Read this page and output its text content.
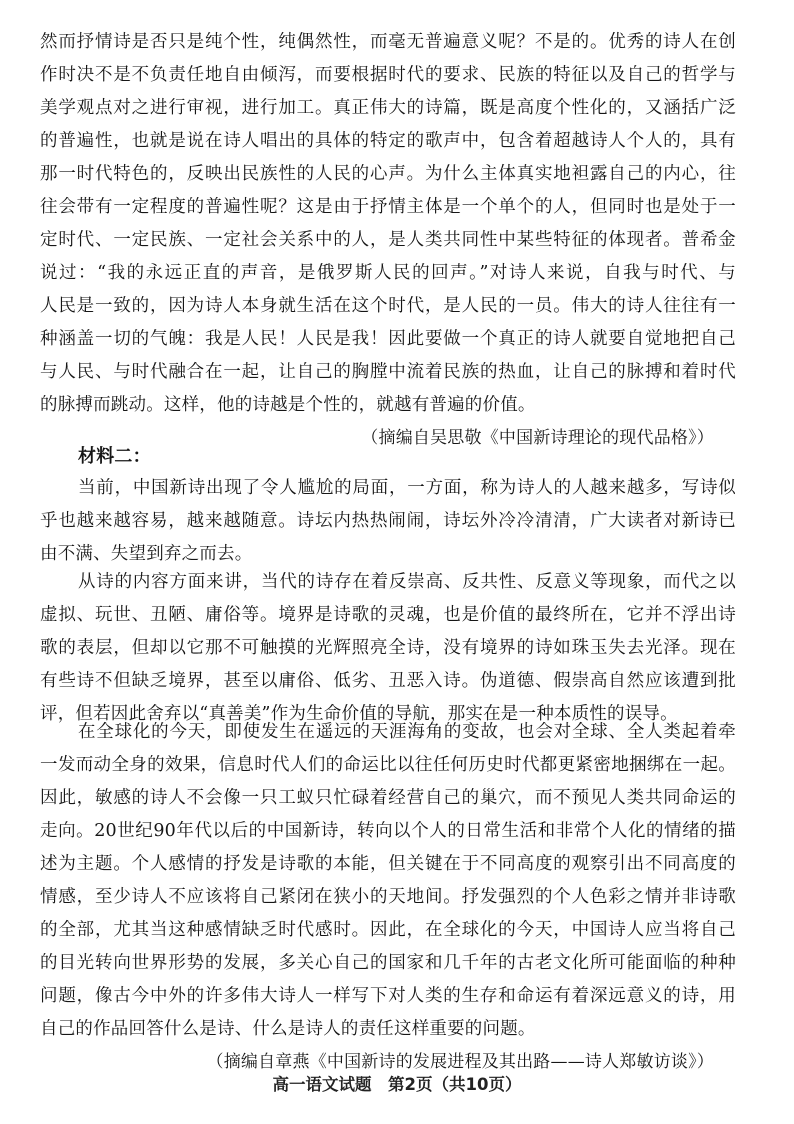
然而抒情诗是否只是纯个性，纯偶然性，而毫无普遍意义呢？不是的。优秀的诗人在创
作时决不是不负责任地自由倾泻，而要根据时代的要求、民族的特征以及自己的哲学与
美学观点对之进行审视，进行加工。真正伟大的诗篇，既是高度个性化的，又涵括广泛
的普遍性，也就是说在诗人唱出的具体的特定的歌声中，包含着超越诗人个人的，具有
那一时代特色的，反映出民族性的人民的心声。为什么主体真实地袒露自己的内心，往
往会带有一定程度的普遍性呢？这是由于抒情主体是一个单个的人，但同时也是处于一
定时代、一定民族、一定社会关系中的人，是人类共同性中某些特征的体现者。普希金
说过：“我的永远正直的声音，是俄罗斯人民的回声。”对诗人来说，自我与时代、与
人民是一致的，因为诗人本身就生活在这个时代，是人民的一员。伟大的诗人往往有一
种涵盖一切的气魄：我是人民！人民是我！因此要做一个真正的诗人就要自觉地把自己
与人民、与时代融合在一起，让自己的胸膛中流着民族的热血，让自己的脉搏和着时代
的脉搏而跳动。这样，他的诗越是个性的，就越有普遍的价值。
（摘编自吴思敬《中国新诗理论的现代品格》）
材料二：
当前，中国新诗出现了令人尴尬的局面，一方面，称为诗人的人越来越多，写诗似
乎也越来越容易，越来越随意。诗坛内热热闹闹，诗坛外冷冷清清，广大读者对新诗已
由不满、失望到弃之而去。
从诗的内容方面来讲，当代的诗存在着反崇高、反共性、反意义等现象，而代之以
虚拟、玩世、丑陋、庸俗等。境界是诗歌的灵魂，也是价值的最终所在，它并不浮出诗
歌的表层，但却以它那不可触摸的光辉照亮全诗，没有境界的诗如珠玉失去光泽。现在
有些诗不但缺乏境界，甚至以庸俗、低劣、丑恶入诗。伪道德、假崇高自然应该遭到批
评，但若因此舍弃以“真善美”作为生命价值的导航，那实在是一种本质性的误导。
在全球化的今天，即使发生在遥远的天涯海角的变故，也会对全球、全人类起着牵
一发而动全身的效果，信息时代人们的命运比以往任何历史时代都更紧密地捆绑在一起。
因此，敏感的诗人不会像一只工蚁只忙碌着经营自己的巢穴，而不预见人类共同命运的
走向。20世纪90年代以后的中国新诗，转向以个人的日常生活和非常个人化的情绪的描
述为主题。个人感情的抒发是诗歌的本能，但关键在于不同高度的观察引出不同高度的
情感，至少诗人不应该将自己紧闭在狭小的天地间。抒发强烈的个人色彩之情并非诗歌
的全部，尤其当这种感情缺乏时代感时。因此，在全球化的今天，中国诗人应当将自己
的目光转向世界形势的发展，多关心自己的国家和几千年的古老文化所可能面临的种种
问题，像古今中外的许多伟大诗人一样写下对人类的生存和命运有着深远意义的诗，用
自己的作品回答什么是诗、什么是诗人的责任这样重要的问题。
（摘编自章燕《中国新诗的发展进程及其出路——诗人郑敏访谈》）
高一语文试题　第2页（共10页）
